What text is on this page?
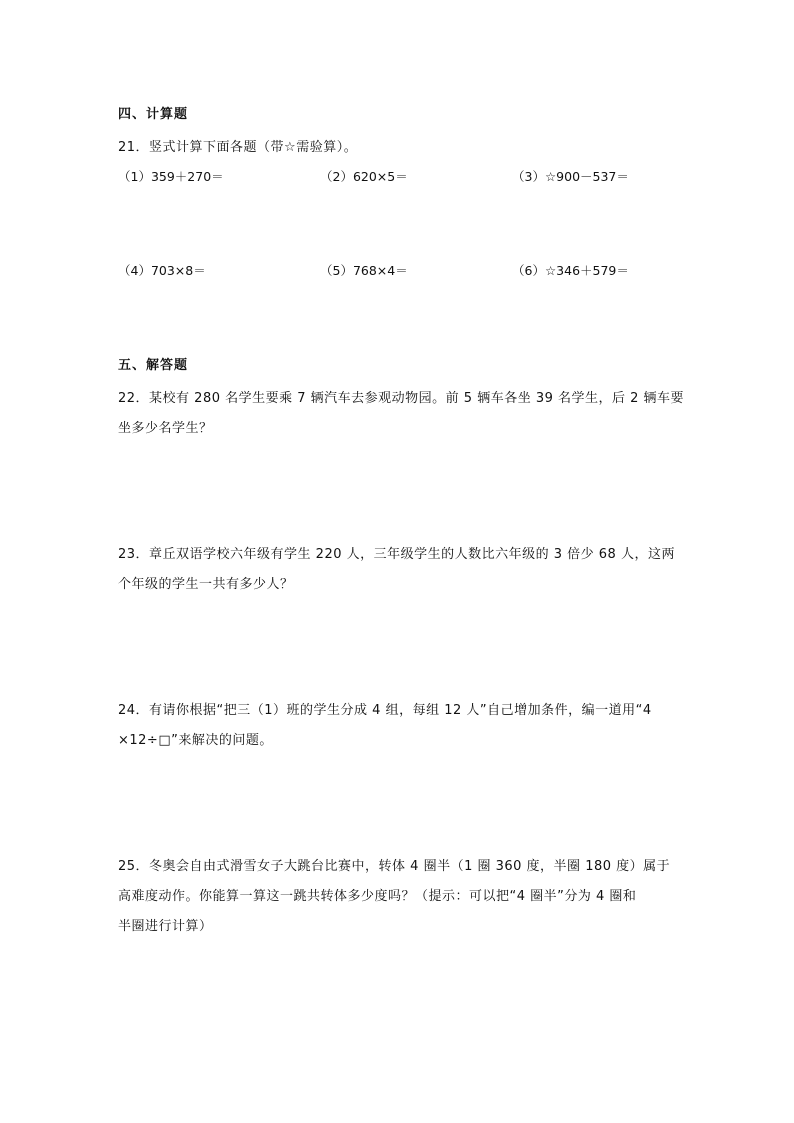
四、计算题
21．竖式计算下面各题（带☆需验算）。
（1）359＋270＝	（2）620×5＝	（3）☆900－537＝
（4）703×8＝	（5）768×4＝	（6）☆346＋579＝
五、解答题
22．某校有 280 名学生要乘 7 辆汽车去参观动物园。前 5 辆车各坐 39 名学生，后 2 辆车要
坐多少名学生？
23．章丘双语学校六年级有学生 220 人，三年级学生的人数比六年级的 3 倍少 68 人，这两
个年级的学生一共有多少人？
24．有请你根据“把三（1）班的学生分成 4 组，每组 12 人”自己增加条件，编一道用“4
×12÷□”来解决的问题。
25．冬奥会自由式滑雪女子大跳台比赛中，转体 4 圈半（1 圈 360 度，半圈 180 度）属于
高难度动作。你能算一算这一跳共转体多少度吗？（提示：可以把“4 圈半”分为 4 圈和
半圈进行计算）
